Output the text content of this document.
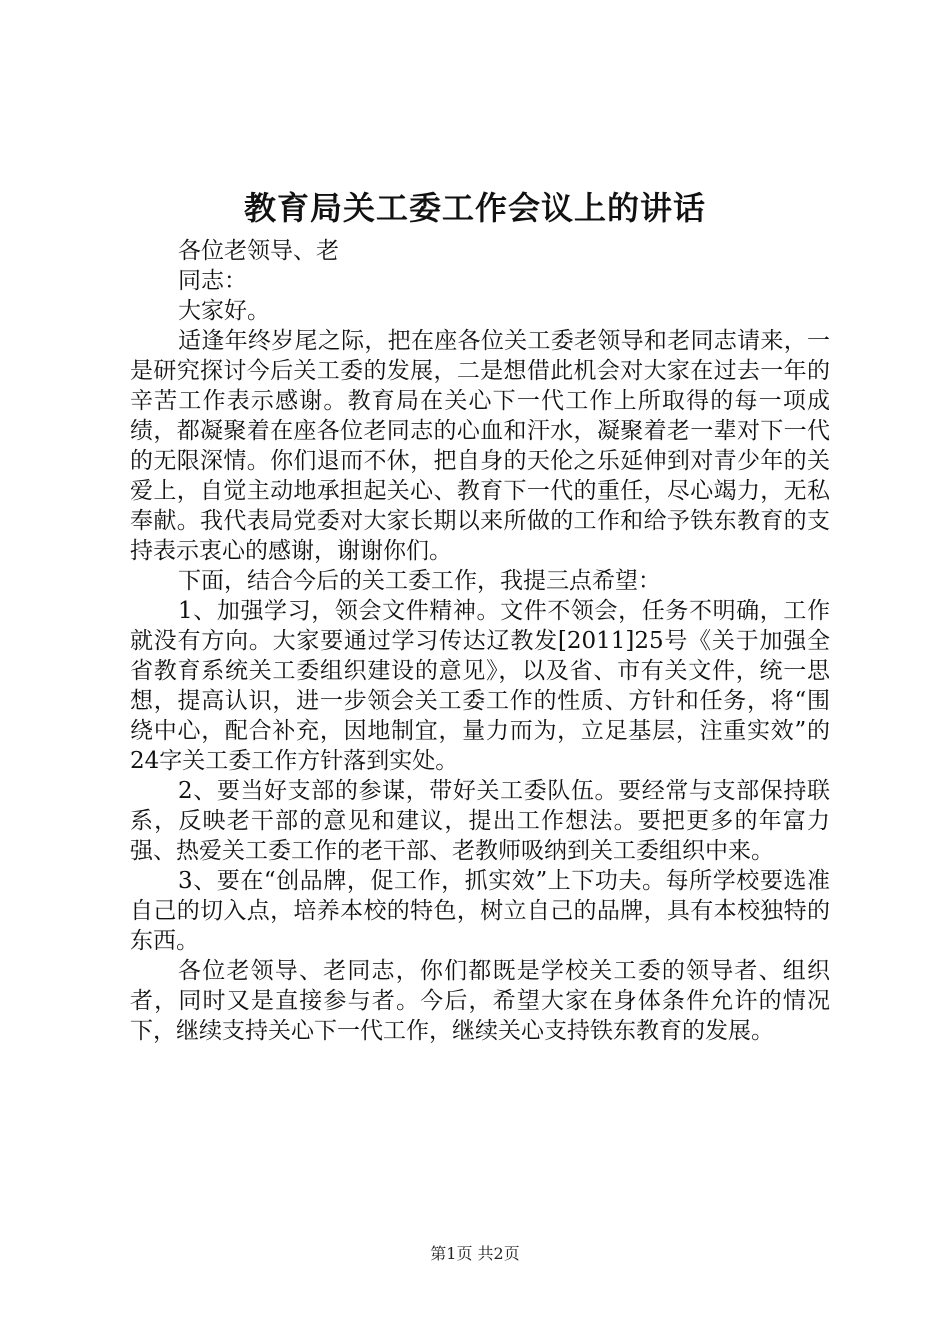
教育局关工委工作会议上的讲话

各位老领导、老

同志：

大家好。

适逢年终岁尾之际，把在座各位关工委老领导和老同志请来，一是研究探讨今后关工委的发展，二是想借此机会对大家在过去一年的辛苦工作表示感谢。教育局在关心下一代工作上所取得的每一项成绩，都凝聚着在座各位老同志的心血和汗水，凝聚着老一辈对下一代的无限深情。你们退而不休，把自身的天伦之乐延伸到对青少年的关爱上，自觉主动地承担起关心、教育下一代的重任，尽心竭力，无私奉献。我代表局党委对大家长期以来所做的工作和给予铁东教育的支持表示衷心的感谢，谢谢你们。

下面，结合今后的关工委工作，我提三点希望：

1、加强学习，领会文件精神。文件不领会，任务不明确，工作就没有方向。大家要通过学习传达辽教发[2011]25号《关于加强全省教育系统关工委组织建设的意见》，以及省、市有关文件，统一思想，提高认识，进一步领会关工委工作的性质、方针和任务，将“围绕中心，配合补充，因地制宜，量力而为，立足基层，注重实效”的24字关工委工作方针落到实处。

2、要当好支部的参谋，带好关工委队伍。要经常与支部保持联系，反映老干部的意见和建议，提出工作想法。要把更多的年富力强、热爱关工委工作的老干部、老教师吸纳到关工委组织中来。

3、要在“创品牌，促工作，抓实效”上下功夫。每所学校要选准自己的切入点，培养本校的特色，树立自己的品牌，具有本校独特的东西。

各位老领导、老同志，你们都既是学校关工委的领导者、组织者，同时又是直接参与者。今后，希望大家在身体条件允许的情况下，继续支持关心下一代工作，继续关心支持铁东教育的发展。

第1页 共2页
